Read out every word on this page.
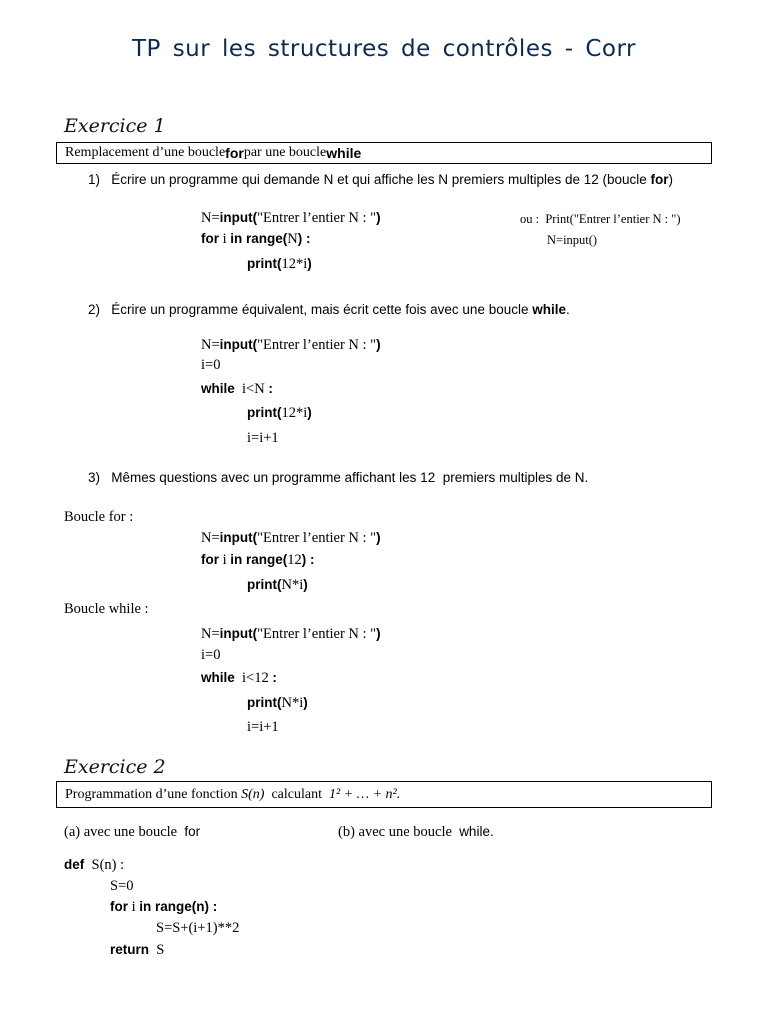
TP sur les structures de contrôles - Corr
Exercice 1
Remplacement d’une boucle for par une boucle while
1) Écrire un programme qui demande N et qui affiche les N premiers multiples de 12 (boucle for)
N=input("Entrer l’entier N : ")
for i in range(N) :
print(12*i)
ou : Print("Entrer l’entier N : ")
N=input()
2) Écrire un programme équivalent, mais écrit cette fois avec une boucle while.
N=input("Entrer l’entier N : ")
i=0
while i<N :
print(12*i)
i=i+1
3) Mêmes questions avec un programme affichant les 12  premiers multiples de N.
Boucle for :
N=input("Entrer l’entier N : ")
for i in range(12) :
print(N*i)
Boucle while :
N=input("Entrer l’entier N : ")
i=0
while i<12 :
print(N*i)
i=i+1
Exercice 2
Programmation d’une fonction
S(n)
calculant
1² + … + n².
(a) avec une boucle  for	(b) avec une boucle  while.
def S(n) :
S=0
for i in range(n) :
S=S+(i+1)**2
return S
